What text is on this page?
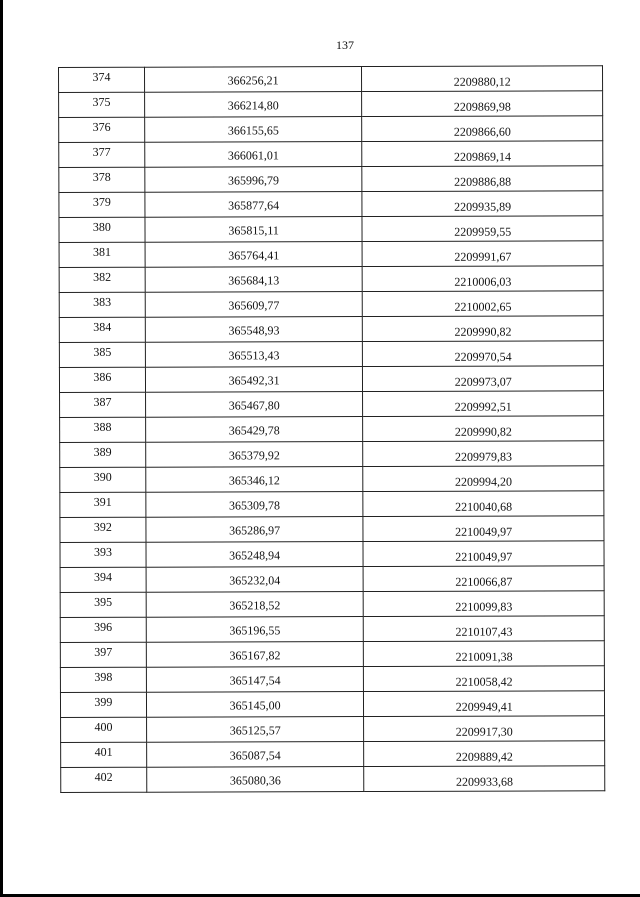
137
374	366256,21	2209880,12
375	366214,80	2209869,98
376	366155,65	2209866,60
377	366061,01	2209869,14
378	365996,79	2209886,88
379	365877,64	2209935,89
380	365815,11	2209959,55
381	365764,41	2209991,67
382	365684,13	2210006,03
383	365609,77	2210002,65
384	365548,93	2209990,82
385	365513,43	2209970,54
386	365492,31	2209973,07
387	365467,80	2209992,51
388	365429,78	2209990,82
389	365379,92	2209979,83
390	365346,12	2209994,20
391	365309,78	2210040,68
392	365286,97	2210049,97
393	365248,94	2210049,97
394	365232,04	2210066,87
395	365218,52	2210099,83
396	365196,55	2210107,43
397	365167,82	2210091,38
398	365147,54	2210058,42
399	365145,00	2209949,41
400	365125,57	2209917,30
401	365087,54	2209889,42
402	365080,36	2209933,68
